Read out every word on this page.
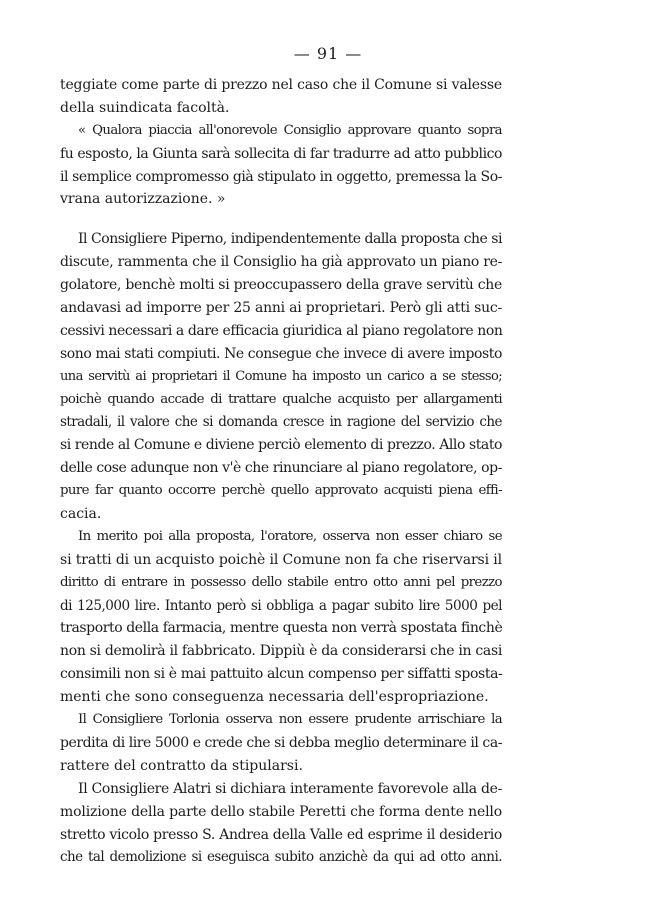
— 91 —
teggiate come parte di prezzo nel caso che il Comune si valesse
della suindicata facoltà.
« Qualora piaccia all'onorevole Consiglio approvare quanto sopra
fu esposto, la Giunta sarà sollecita di far tradurre ad atto pubblico
il semplice compromesso già stipulato in oggetto, premessa la So-
vrana autorizzazione. »
Il Consigliere Piperno, indipendentemente dalla proposta che si
discute, rammenta che il Consiglio ha già approvato un piano re-
golatore, benchè molti si preoccupassero della grave servitù che
andavasi ad imporre per 25 anni ai proprietari. Però gli atti suc-
cessivi necessari a dare efficacia giuridica al piano regolatore non
sono mai stati compiuti. Ne consegue che invece di avere imposto
una servitù ai proprietari il Comune ha imposto un carico a se stesso;
poichè quando accade di trattare qualche acquisto per allargamenti
stradali, il valore che si domanda cresce in ragione del servizio che
si rende al Comune e diviene perciò elemento di prezzo. Allo stato
delle cose adunque non v'è che rinunciare al piano regolatore, op-
pure far quanto occorre perchè quello approvato acquisti piena effi-
cacia.
In merito poi alla proposta, l'oratore, osserva non esser chiaro se
si tratti di un acquisto poichè il Comune non fa che riservarsi il
diritto di entrare in possesso dello stabile entro otto anni pel prezzo
di 125,000 lire. Intanto però si obbliga a pagar subito lire 5000 pel
trasporto della farmacia, mentre questa non verrà spostata finchè
non si demolirà il fabbricato. Dippiù è da considerarsi che in casi
consimili non si è mai pattuito alcun compenso per siffatti sposta-
menti che sono conseguenza necessaria dell'espropriazione.
Il Consigliere Torlonia osserva non essere prudente arrischiare la
perdita di lire 5000 e crede che si debba meglio determinare il ca-
rattere del contratto da stipularsi.
Il Consigliere Alatri si dichiara interamente favorevole alla de-
molizione della parte dello stabile Peretti che forma dente nello
stretto vicolo presso S. Andrea della Valle ed esprime il desiderio
che tal demolizione si eseguisca subito anzichè da qui ad otto anni.
